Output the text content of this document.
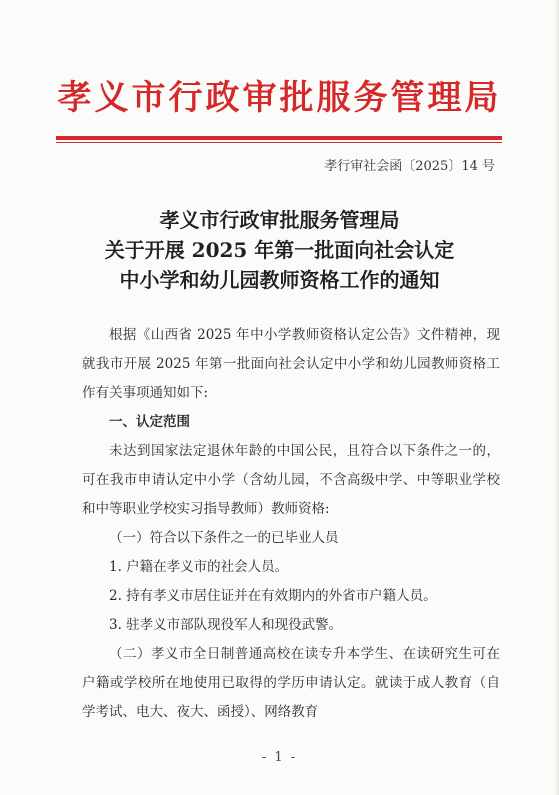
孝义市行政审批服务管理局
孝行审社会函〔2025〕14 号
孝义市行政审批服务管理局
关于开展 2025 年第一批面向社会认定
中小学和幼儿园教师资格工作的通知

根据《山西省 2025 年中小学教师资格认定公告》文件精神，现就我市开展 2025 年第一批面向社会认定中小学和幼儿园教师资格工作有关事项通知如下:

一、认定范围

未达到国家法定退休年龄的中国公民，且符合以下条件之一的，可在我市申请认定中小学（含幼儿园，不含高级中学、中等职业学校和中等职业学校实习指导教师）教师资格:

（一）符合以下条件之一的已毕业人员

1. 户籍在孝义市的社会人员。

2. 持有孝义市居住证并在有效期内的外省市户籍人员。

3. 驻孝义市部队现役军人和现役武警。

（二）孝义市全日制普通高校在读专升本学生、在读研究生可在户籍或学校所在地使用已取得的学历申请认定。就读于成人教育（自学考试、电大、夜大、函授）、网络教育

- 1 -
